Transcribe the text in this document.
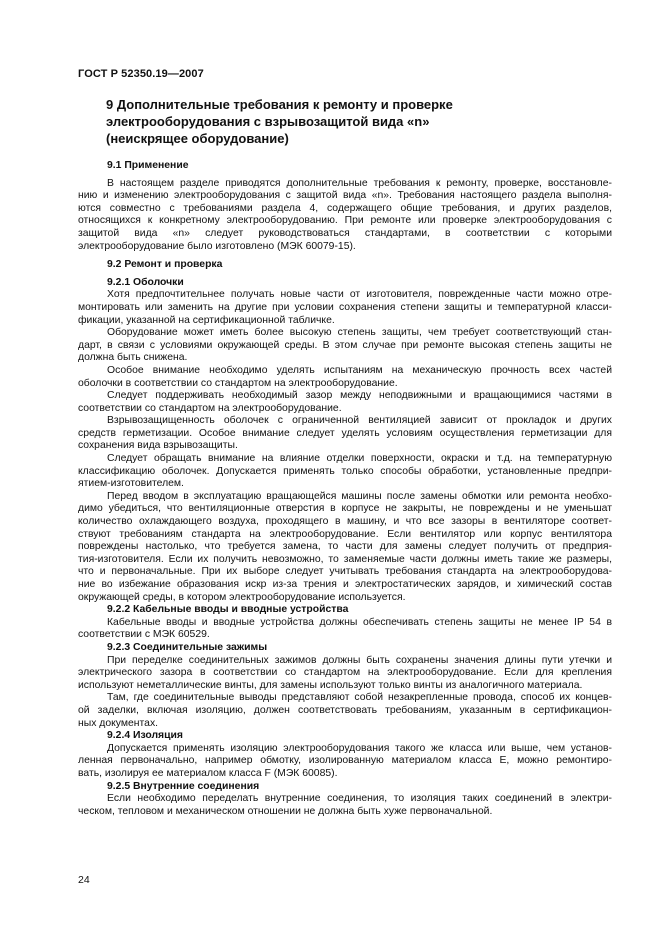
ГОСТ Р 52350.19—2007
9 Дополнительные требования к ремонту и проверке
электрооборудования с взрывозащитой вида «n»
(неискрящее оборудование)
9.1 Применение
В настоящем разделе приводятся дополнительные требования к ремонту, проверке, восстановле-
нию и изменению электрооборудования с защитой вида «n». Требования настоящего раздела выполня-
ются совместно с требованиями раздела 4, содержащего общие требования, и других разделов,
относящихся к конкретному электрооборудованию. При ремонте или проверке электрооборудования с
защитой вида «n» следует руководствоваться стандартами, в соответствии с которыми
электрооборудование было изготовлено (МЭК 60079-15).
9.2 Ремонт и проверка
9.2.1 Оболочки
Хотя предпочтительнее получать новые части от изготовителя, поврежденные части можно отре-
монтировать или заменить на другие при условии сохранения степени защиты и температурной класси-
фикации, указанной на сертификационной табличке.
Оборудование может иметь более высокую степень защиты, чем требует соответствующий стан-
дарт, в связи с условиями окружающей среды. В этом случае при ремонте высокая степень защиты не
должна быть снижена.
Особое внимание необходимо уделять испытаниям на механическую прочность всех частей
оболочки в соответствии со стандартом на электрооборудование.
Следует поддерживать необходимый зазор между неподвижными и вращающимися частями в
соответствии со стандартом на электрооборудование.
Взрывозащищенность оболочек с ограниченной вентиляцией зависит от прокладок и других
средств герметизации. Особое внимание следует уделять условиям осуществления герметизации для
сохранения вида взрывозащиты.
Следует обращать внимание на влияние отделки поверхности, окраски и т.д. на температурную
классификацию оболочек. Допускается применять только способы обработки, установленные предпри-
ятием-изготовителем.
Перед вводом в эксплуатацию вращающейся машины после замены обмотки или ремонта необхо-
димо убедиться, что вентиляционные отверстия в корпусе не закрыты, не повреждены и не уменьшат
количество охлаждающего воздуха, проходящего в машину, и что все зазоры в вентиляторе соответ-
ствуют требованиям стандарта на электрооборудование. Если вентилятор или корпус вентилятора
повреждены настолько, что требуется замена, то части для замены следует получить от предприя-
тия-изготовителя. Если их получить невозможно, то заменяемые части должны иметь такие же размеры,
что и первоначальные. При их выборе следует учитывать требования стандарта на электрооборудова-
ние во избежание образования искр из-за трения и электростатических зарядов, и химический состав
окружающей среды, в котором электрооборудование используется.
9.2.2 Кабельные вводы и вводные устройства
Кабельные вводы и вводные устройства должны обеспечивать степень защиты не менее IP 54 в
соответствии с МЭК 60529.
9.2.3 Соединительные зажимы
При переделке соединительных зажимов должны быть сохранены значения длины пути утечки и
электрического зазора в соответствии со стандартом на электрооборудование. Если для крепления
используют неметаллические винты, для замены используют только винты из аналогичного материала.
Там, где соединительные выводы представляют собой незакрепленные провода, способ их концев-
ой заделки, включая изоляцию, должен соответствовать требованиям, указанным в сертификацион-
ных документах.
9.2.4 Изоляция
Допускается применять изоляцию электрооборудования такого же класса или выше, чем установ-
ленная первоначально, например обмотку, изолированную материалом класса Е, можно ремонтиро-
вать, изолируя ее материалом класса F (МЭК 60085).
9.2.5 Внутренние соединения
Если необходимо переделать внутренние соединения, то изоляция таких соединений в электри-
ческом, тепловом и механическом отношении не должна быть хуже первоначальной.
24
